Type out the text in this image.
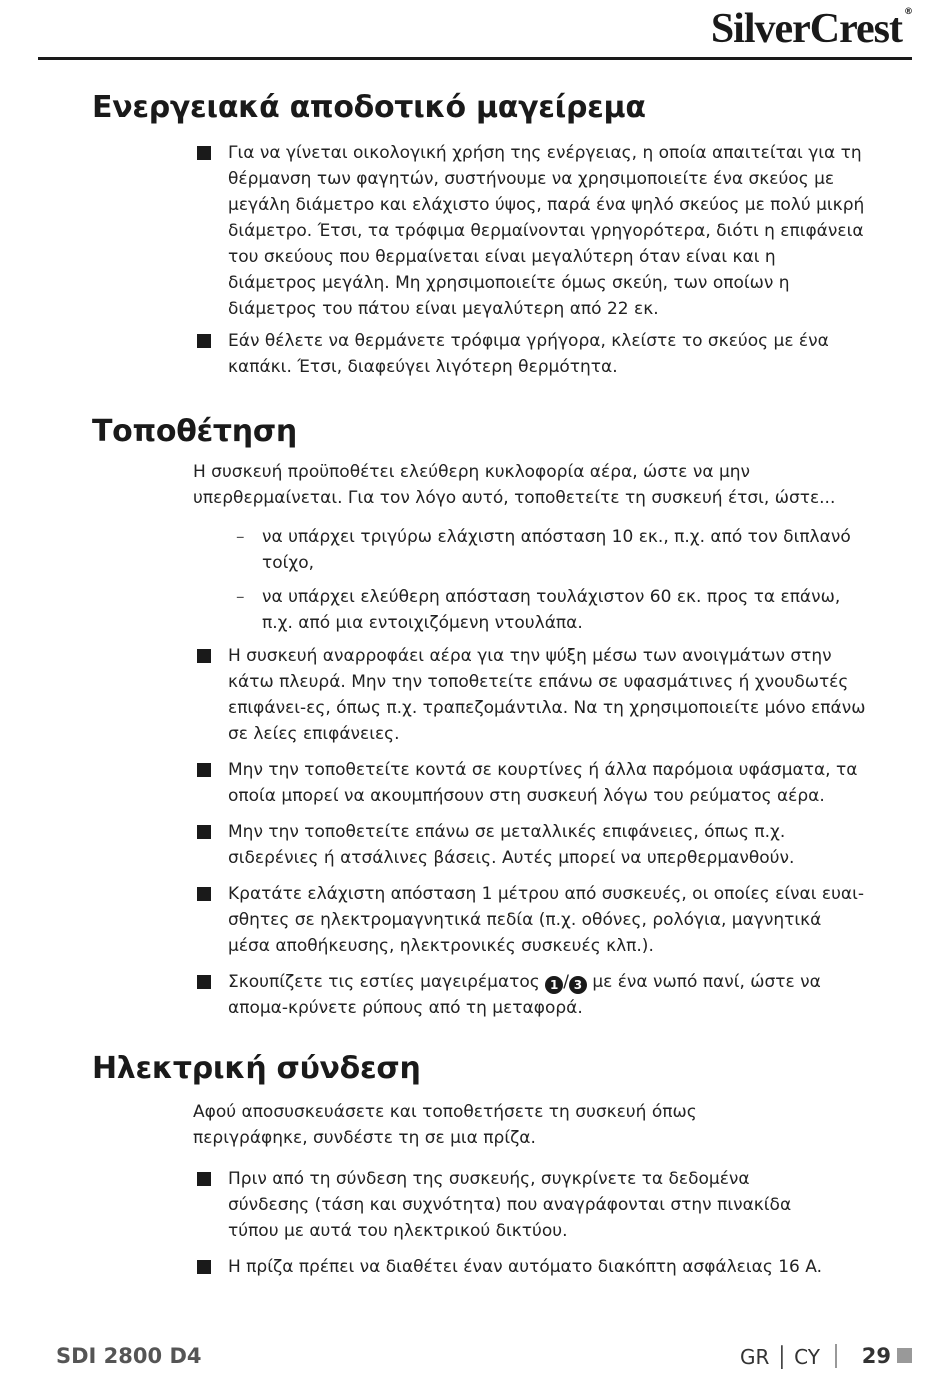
SilverCrest ®
Ενεργειακά αποδοτικό μαγείρεμα
Για να γίνεται οικολογική χρήση της ενέργειας, η οποία απαιτείται για τη θέρμανση των φαγητών, συστήνουμε να χρησιμοποιείτε ένα σκεύος με μεγάλη διάμετρο και ελάχιστο ύψος, παρά ένα ψηλό σκεύος με πολύ μικρή διάμετρο. Έτσι, τα τρόφιμα θερμαίνονται γρηγορότερα, διότι η επιφάνεια του σκεύους που θερμαίνεται είναι μεγαλύτερη όταν είναι και η διάμετρος μεγάλη. Μη χρησιμοποιείτε όμως σκεύη, των οποίων η διάμετρος του πάτου είναι μεγαλύτερη από 22 εκ.
Εάν θέλετε να θερμάνετε τρόφιμα γρήγορα, κλείστε το σκεύος με ένα καπάκι. Έτσι, διαφεύγει λιγότερη θερμότητα.
Τοποθέτηση

Η συσκευή προϋποθέτει ελεύθερη κυκλοφορία αέρα, ώστε να μην υπερθερμαίνεται. Για τον λόγο αυτό, τοποθετείτε τη συσκευή έτσι, ώστε...

– να υπάρχει τριγύρω ελάχιστη απόσταση 10 εκ., π.χ. από τον διπλανό τοίχο,
– να υπάρχει ελεύθερη απόσταση τουλάχιστον 60 εκ. προς τα επάνω, π.χ. από μια εντοιχιζόμενη ντουλάπα.
Η συσκευή αναρροφάει αέρα για την ψύξη μέσω των ανοιγμάτων στην κάτω πλευρά. Μην την τοποθετείτε επάνω σε υφασμάτινες ή χνουδωτές επιφάνει-ες, όπως π.χ. τραπεζομάντιλα. Να τη χρησιμοποιείτε μόνο επάνω σε λείες επιφάνειες.
Μην την τοποθετείτε κοντά σε κουρτίνες ή άλλα παρόμοια υφάσματα, τα οποία μπορεί να ακουμπήσουν στη συσκευή λόγω του ρεύματος αέρα.
Μην την τοποθετείτε επάνω σε μεταλλικές επιφάνειες, όπως π.χ. σιδερένιες ή ατσάλινες βάσεις. Αυτές μπορεί να υπερθερμανθούν.
Κρατάτε ελάχιστη απόσταση 1 μέτρου από συσκευές, οι οποίες είναι ευαι-σθητες σε ηλεκτρομαγνητικά πεδία (π.χ. οθόνες, ρολόγια, μαγνητικά μέσα αποθήκευσης, ηλεκτρονικές συσκευές κλπ.).
Σκουπίζετε τις εστίες μαγειρέματος 1 / 3 με ένα νωπό πανί, ώστε να απομα-κρύνετε ρύπους από τη μεταφορά.
Ηλεκτρική σύνδεση

Αφού αποσυσκευάσετε και τοποθετήσετε τη συσκευή όπως περιγράφηκε, συνδέστε τη σε μια πρίζα.

Πριν από τη σύνδεση της συσκευής, συγκρίνετε τα δεδομένα σύνδεσης (τάση και συχνότητα) που αναγράφονται στην πινακίδα τύπου με αυτά του ηλεκτρικού δικτύου.
Η πρίζα πρέπει να διαθέτει έναν αυτόματο διακόπτη ασφάλειας 16 A.
SDI 2800 D4	GR │ CY 29
